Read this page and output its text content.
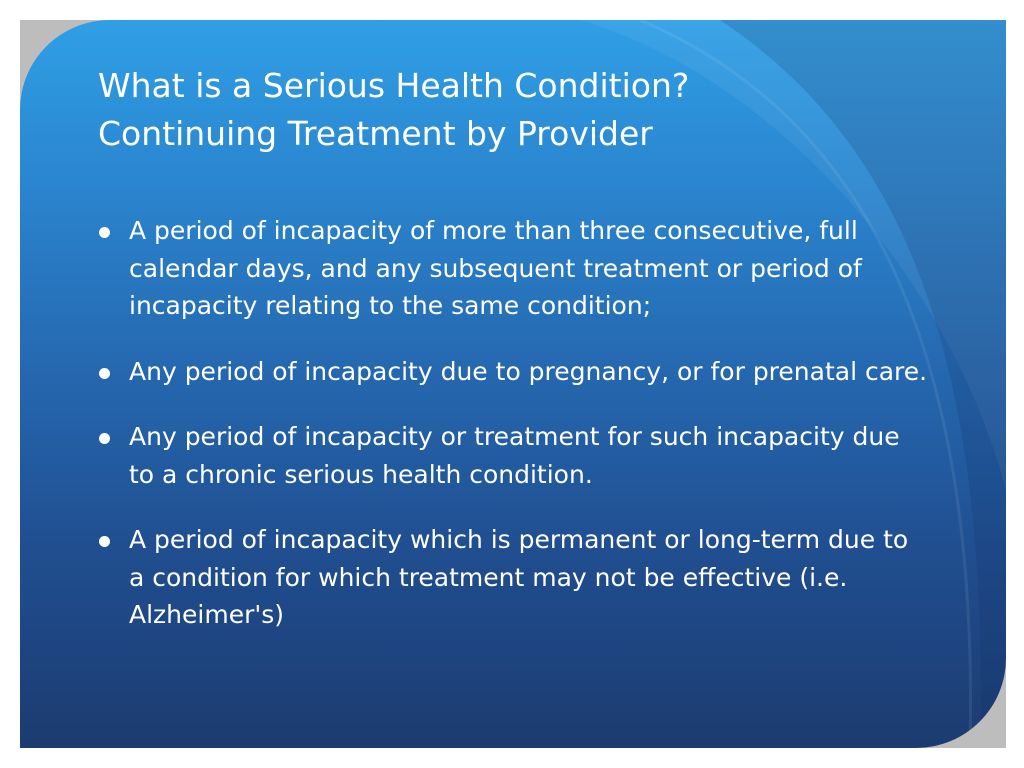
What is a Serious Health Condition?
Continuing Treatment by Provider
A period of incapacity of more than three consecutive, full calendar days, and any subsequent treatment or period of incapacity relating to the same condition;
Any period of incapacity due to pregnancy, or for prenatal care.
Any period of incapacity or treatment for such incapacity due to a chronic serious health condition.
A period of incapacity which is permanent or long-term due to a condition for which treatment may not be effective (i.e. Alzheimer's)
